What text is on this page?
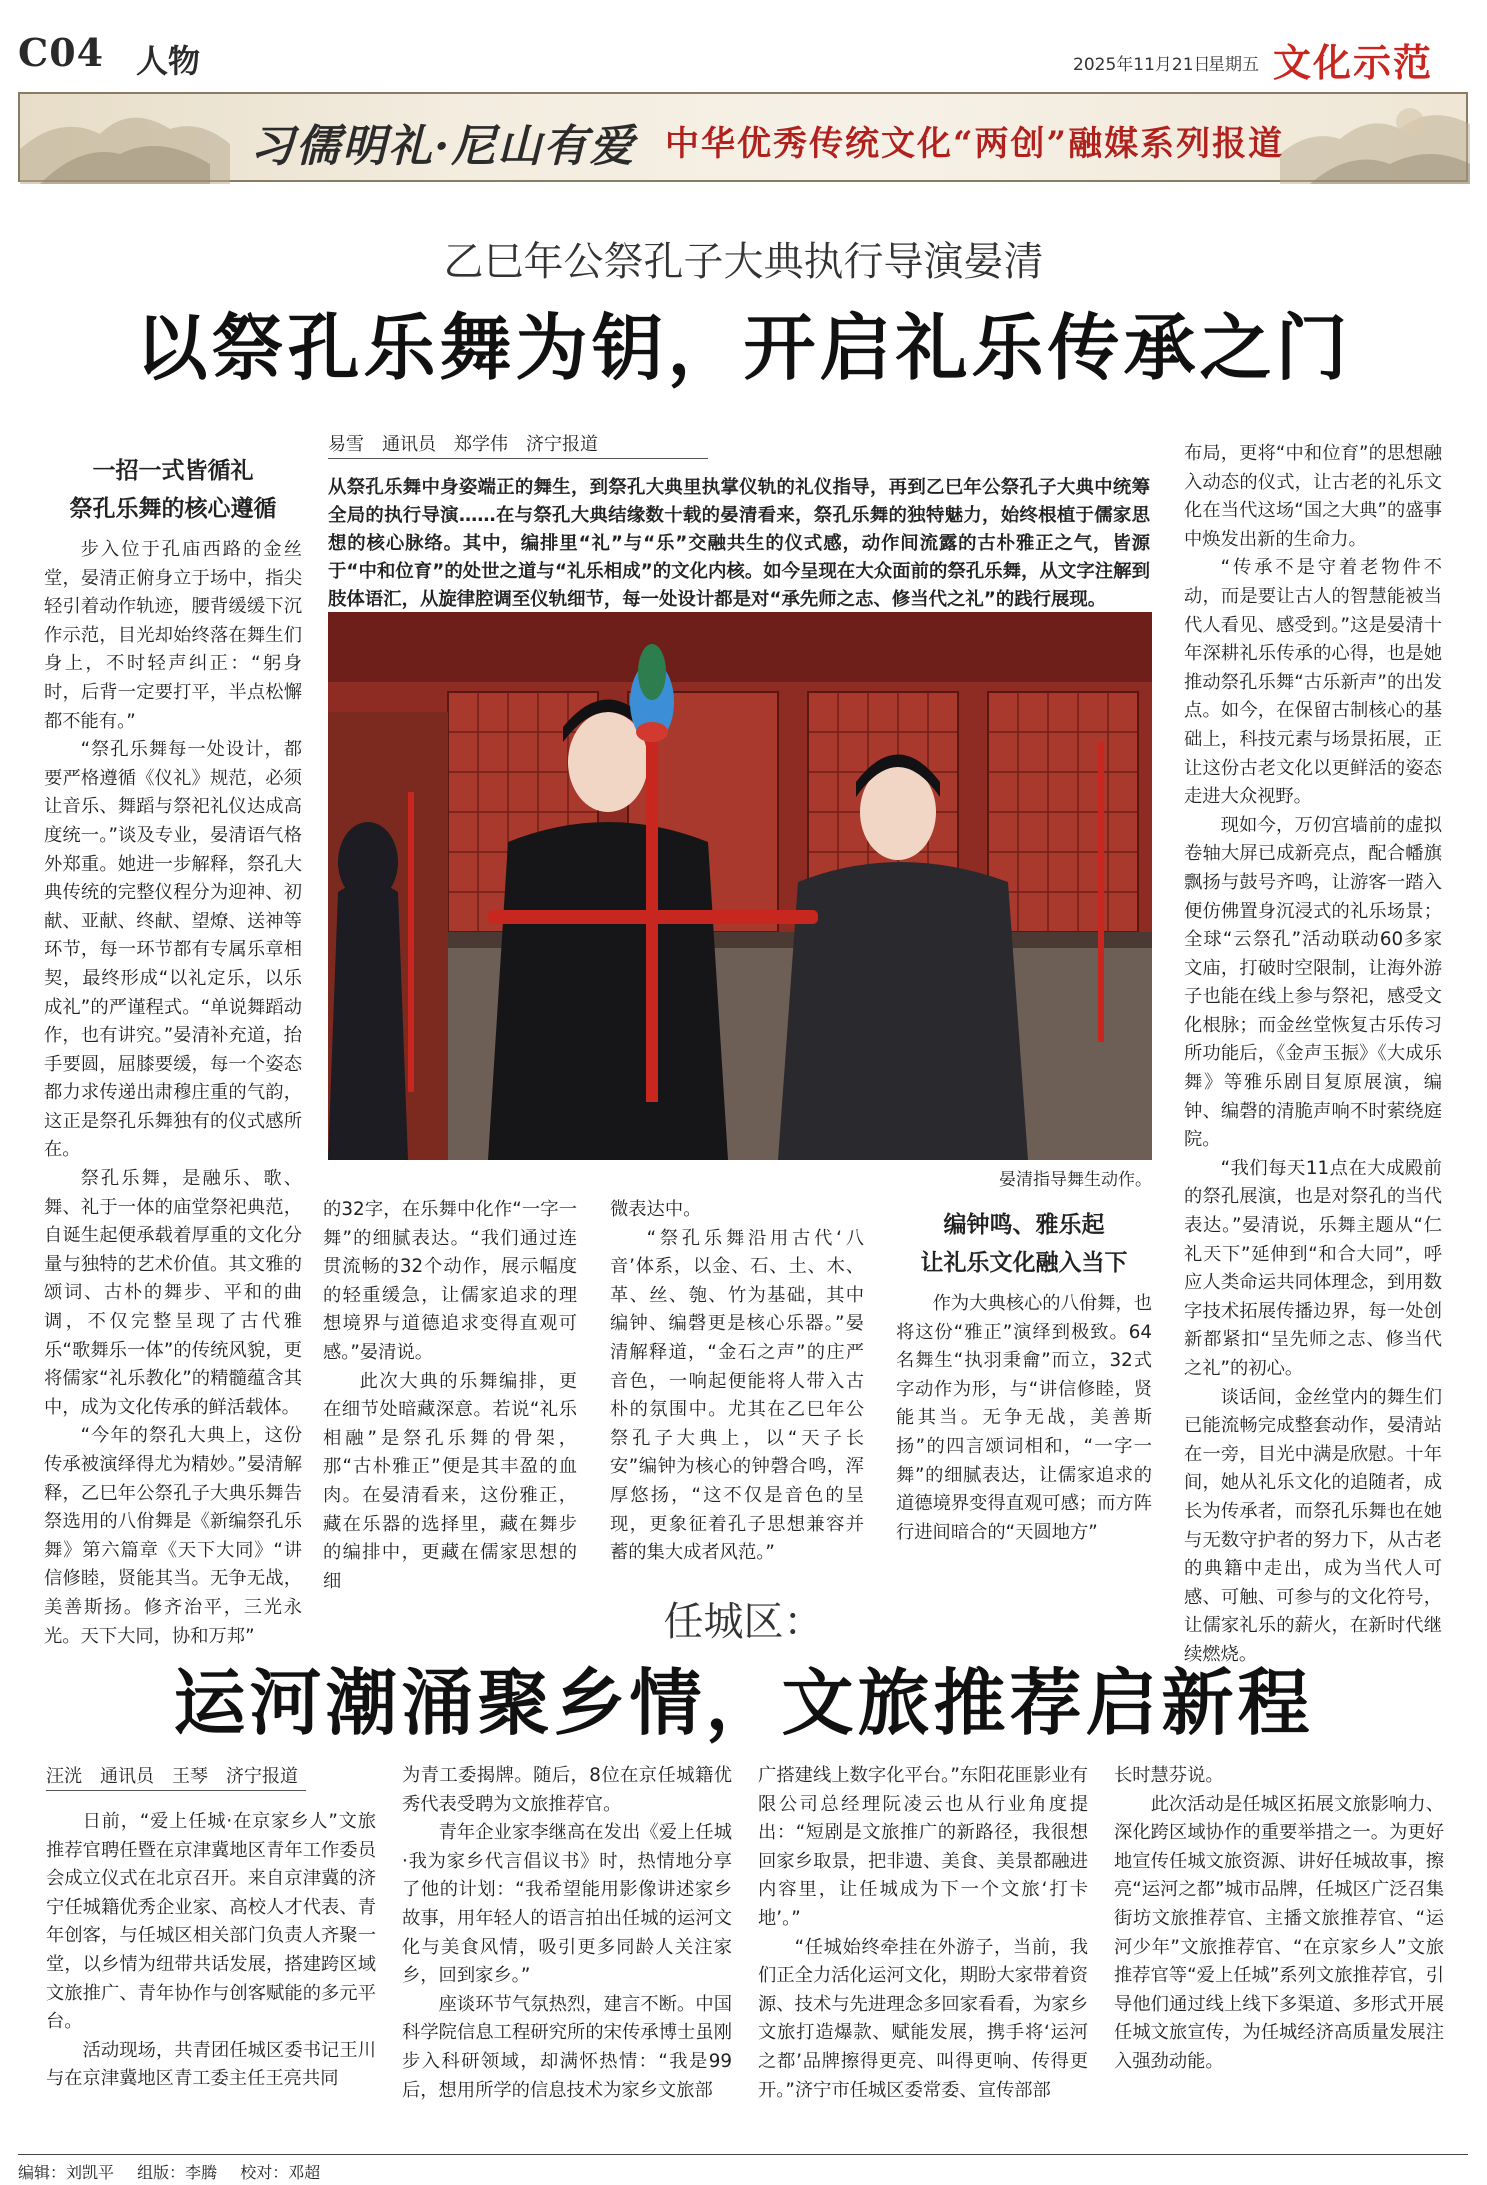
C04 人物	2025年11月21日
星期五 文化示范
习儒明礼·尼山有爱 中华优秀传统文化“两创”融媒系列报道
乙巳年公祭孔子大典执行导演晏清
以祭孔乐舞为钥，开启礼乐传承之门
易雪　通讯员　郑学伟　济宁报道
从祭孔乐舞中身姿端正的舞生，到祭孔大典里执掌仪轨的礼仪指导，再到乙巳年公祭孔子大典中统筹全局的执行导演……在与祭孔大典结缘数十载的晏清看来，祭孔乐舞的独特魅力，始终根植于儒家思想的核心脉络。其中，编排里“礼”与“乐”交融共生的仪式感，动作间流露的古朴雅正之气，皆源于“中和位育”的处世之道与“礼乐相成”的文化内核。如今呈现在大众面前的祭孔乐舞，从文字注解到肢体语汇，从旋律腔调至仪轨细节，每一处设计都是对“承先师之志、修当代之礼”的践行展现。
一招一式皆循礼
祭孔乐舞的核心遵循

步入位于孔庙西路的金丝堂，晏清正俯身立于场中，指尖轻引着动作轨迹，腰背缓缓下沉作示范，目光却始终落在舞生们身上，不时轻声纠正：“躬身时，后背一定要打平，半点松懈都不能有。”

“祭孔乐舞每一处设计，都要严格遵循《仪礼》规范，必须让音乐、舞蹈与祭祀礼仪达成高度统一。”谈及专业，晏清语气格外郑重。她进一步解释，祭孔大典传统的完整仪程分为迎神、初献、亚献、终献、望燎、送神等环节，每一环节都有专属乐章相契，最终形成“以礼定乐，以乐成礼”的严谨程式。“单说舞蹈动作，也有讲究。”晏清补充道，抬手要圆，屈膝要缓，每一个姿态都力求传递出肃穆庄重的气韵，这正是祭孔乐舞独有的仪式感所在。

祭孔乐舞，是融乐、歌、舞、礼于一体的庙堂祭祀典范，自诞生起便承载着厚重的文化分量与独特的艺术价值。其文雅的颂词、古朴的舞步、平和的曲调，不仅完整呈现了古代雅乐“歌舞乐一体”的传统风貌，更将儒家“礼乐教化”的精髓蕴含其中，成为文化传承的鲜活载体。

“今年的祭孔大典上，这份传承被演绎得尤为精妙。”晏清解释，乙巳年公祭孔子大典乐舞告祭选用的八佾舞是《新编祭孔乐舞》第六篇章《天下大同》“讲信修睦，贤能其当。无争无战，美善斯扬。修齐治平，三光永光。天下大同，协和万邦”

晏清指导舞生动作。

的32字，在乐舞中化作“一字一舞”的细腻表达。“我们通过连贯流畅的32个动作，展示幅度的轻重缓急，让儒家追求的理想境界与道德追求变得直观可感。”晏清说。

此次大典的乐舞编排，更在细节处暗藏深意。若说“礼乐相融”是祭孔乐舞的骨架，那“古朴雅正”便是其丰盈的血肉。在晏清看来，这份雅正，藏在乐器的选择里，藏在舞步的编排中，更藏在儒家思想的细

微表达中。

“祭孔乐舞沿用古代‘八音’体系，以金、石、土、木、革、丝、匏、竹为基础，其中编钟、编磬更是核心乐器。”晏清解释道，“金石之声”的庄严音色，一响起便能将人带入古朴的氛围中。尤其在乙巳年公祭孔子大典上，以“天子长安”编钟为核心的钟磬合鸣，浑厚悠扬，“这不仅是音色的呈现，更象征着孔子思想兼容并蓄的集大成者风范。”

编钟鸣、雅乐起
让礼乐文化融入当下

作为大典核心的八佾舞，也将这份“雅正”演绎到极致。64名舞生“执羽秉龠”而立，32式字动作为形，与“讲信修睦，贤能其当。无争无战，美善斯扬”的四言颂词相和，“一字一舞”的细腻表达，让儒家追求的道德境界变得直观可感；而方阵行进间暗合的“天圆地方”

布局，更将“中和位育”的思想融入动态的仪式，让古老的礼乐文化在当代这场“国之大典”的盛事中焕发出新的生命力。

“传承不是守着老物件不动，而是要让古人的智慧能被当代人看见、感受到。”这是晏清十年深耕礼乐传承的心得，也是她推动祭孔乐舞“古乐新声”的出发点。如今，在保留古制核心的基础上，科技元素与场景拓展，正让这份古老文化以更鲜活的姿态走进大众视野。

现如今，万仞宫墙前的虚拟卷轴大屏已成新亮点，配合幡旗飘扬与鼓号齐鸣，让游客一踏入便仿佛置身沉浸式的礼乐场景；全球“云祭孔”活动联动60多家文庙，打破时空限制，让海外游子也能在线上参与祭祀，感受文化根脉；而金丝堂恢复古乐传习所功能后，《金声玉振》《大成乐舞》等雅乐剧目复原展演，编钟、编磬的清脆声响不时萦绕庭院。

“我们每天11点在大成殿前的祭孔展演，也是对祭孔的当代表达。”晏清说，乐舞主题从“仁礼天下”延伸到“和合大同”，呼应人类命运共同体理念，到用数字技术拓展传播边界，每一处创新都紧扣“呈先师之志、修当代之礼”的初心。

谈话间，金丝堂内的舞生们已能流畅完成整套动作，晏清站在一旁，目光中满是欣慰。十年间，她从礼乐文化的追随者，成长为传承者，而祭孔乐舞也在她与无数守护者的努力下，从古老的典籍中走出，成为当代人可感、可触、可参与的文化符号，让儒家礼乐的薪火，在新时代继续燃烧。

任城区：
运河潮涌聚乡情，文旅推荐启新程
汪洸　通讯员　王琴　济宁报道

日前，“爱上任城·在京家乡人”文旅推荐官聘任暨在京津冀地区青年工作委员会成立仪式在北京召开。来自京津冀的济宁任城籍优秀企业家、高校人才代表、青年创客，与任城区相关部门负责人齐聚一堂，以乡情为纽带共话发展，搭建跨区域文旅推广、青年协作与创客赋能的多元平台。

活动现场，共青团任城区委书记王川与在京津冀地区青工委主任王亮共同

为青工委揭牌。随后，8位在京任城籍优秀代表受聘为文旅推荐官。

青年企业家李继高在发出《爱上任城·我为家乡代言倡议书》时，热情地分享了他的计划：“我希望能用影像讲述家乡故事，用年轻人的语言拍出任城的运河文化与美食风情，吸引更多同龄人关注家乡，回到家乡。”

座谈环节气氛热烈，建言不断。中国科学院信息工程研究所的宋传承博士虽刚步入科研领域，却满怀热情：“我是99后，想用所学的信息技术为家乡文旅部

广搭建线上数字化平台。”东阳花匪影业有限公司总经理阮凌云也从行业角度提出：“短剧是文旅推广的新路径，我很想回家乡取景，把非遗、美食、美景都融进内容里，让任城成为下一个文旅‘打卡地’。”

“任城始终牵挂在外游子，当前，我们正全力活化运河文化，期盼大家带着资源、技术与先进理念多回家看看，为家乡文旅打造爆款、赋能发展，携手将‘运河之都’品牌擦得更亮、叫得更响、传得更开。”济宁市任城区委常委、宣传部部

长时慧芬说。

此次活动是任城区拓展文旅影响力、深化跨区域协作的重要举措之一。为更好地宣传任城文旅资源、讲好任城故事，擦亮“运河之都”城市品牌，任城区广泛召集街坊文旅推荐官、主播文旅推荐官、“运河少年”文旅推荐官、“在京家乡人”文旅推荐官等“爱上任城”系列文旅推荐官，引导他们通过线上线下多渠道、多形式开展任城文旅宣传，为任城经济高质量发展注入强劲动能。

编辑：刘凯平 组版：李腾 校对：邓超
